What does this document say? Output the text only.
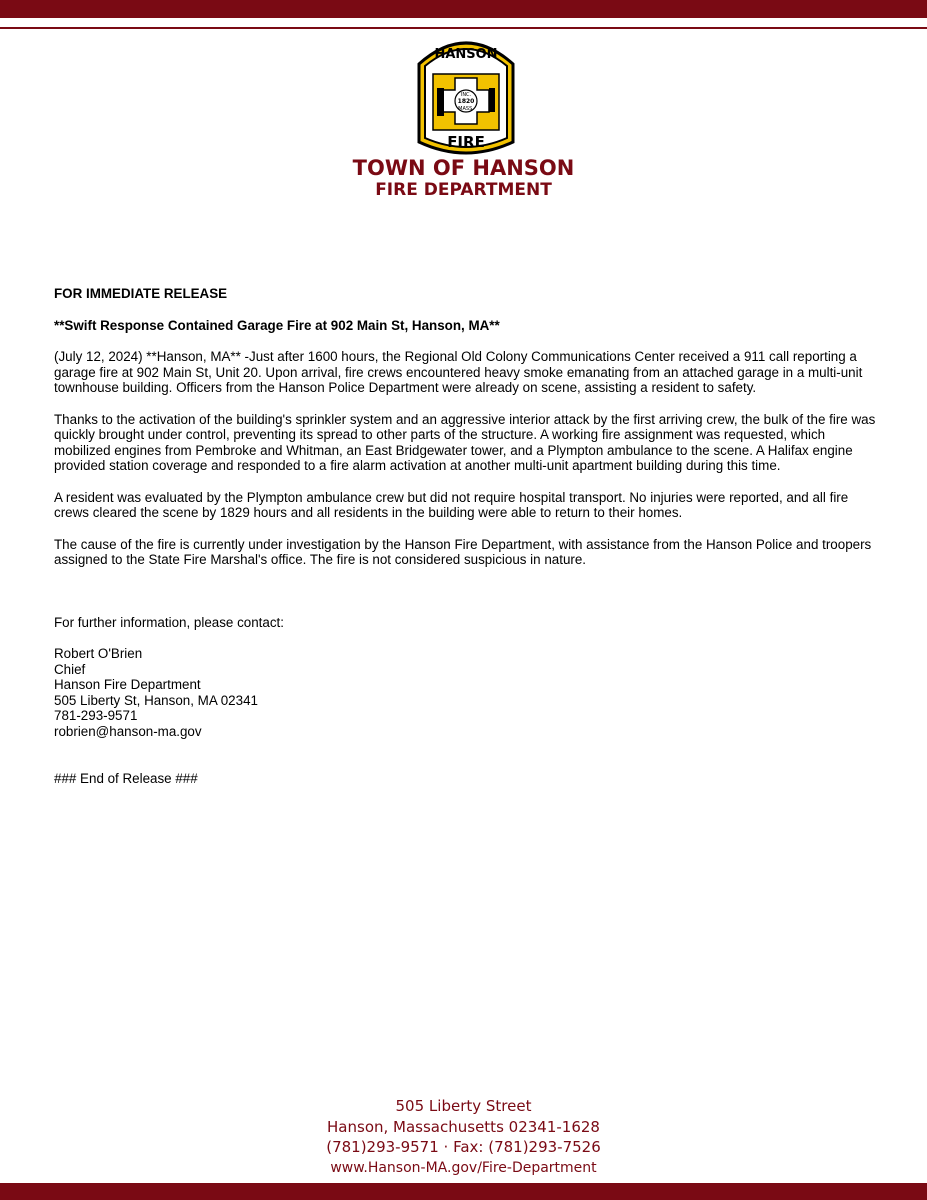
HANSON
INC.
1820
MASS.
FIRE
TOWN OF HANSON
FIRE DEPARTMENT

FOR IMMEDIATE RELEASE

**Swift Response Contained Garage Fire at 902 Main St, Hanson, MA**

(July 12, 2024) **Hanson, MA** -Just after 1600 hours, the Regional Old Colony Communications Center received a 911 call reporting a garage fire at 902 Main St, Unit 20. Upon arrival, fire crews encountered heavy smoke emanating from an attached garage in a multi-unit townhouse building. Officers from the Hanson Police Department were already on scene, assisting a resident to safety.

Thanks to the activation of the building's sprinkler system and an aggressive interior attack by the first arriving crew, the bulk of the fire was quickly brought under control, preventing its spread to other parts of the structure. A working fire assignment was requested, which mobilized engines from Pembroke and Whitman, an East Bridgewater tower, and a Plympton ambulance to the scene. A Halifax engine provided station coverage and responded to a fire alarm activation at another multi-unit apartment building during this time.

A resident was evaluated by the Plympton ambulance crew but did not require hospital transport. No injuries were reported, and all fire crews cleared the scene by 1829 hours and all residents in the building were able to return to their homes.

The cause of the fire is currently under investigation by the Hanson Fire Department, with assistance from the Hanson Police and troopers assigned to the State Fire Marshal's office. The fire is not considered suspicious in nature.

For further information, please contact:

Robert O'Brien
Chief
Hanson Fire Department
505 Liberty St, Hanson, MA 02341
781-293-9571
robrien@hanson-ma.gov

### End of Release ###

505 Liberty Street
Hanson, Massachusetts 02341-1628
(781)293-9571 · Fax: (781)293-7526
www.Hanson-MA.gov/Fire-Department
